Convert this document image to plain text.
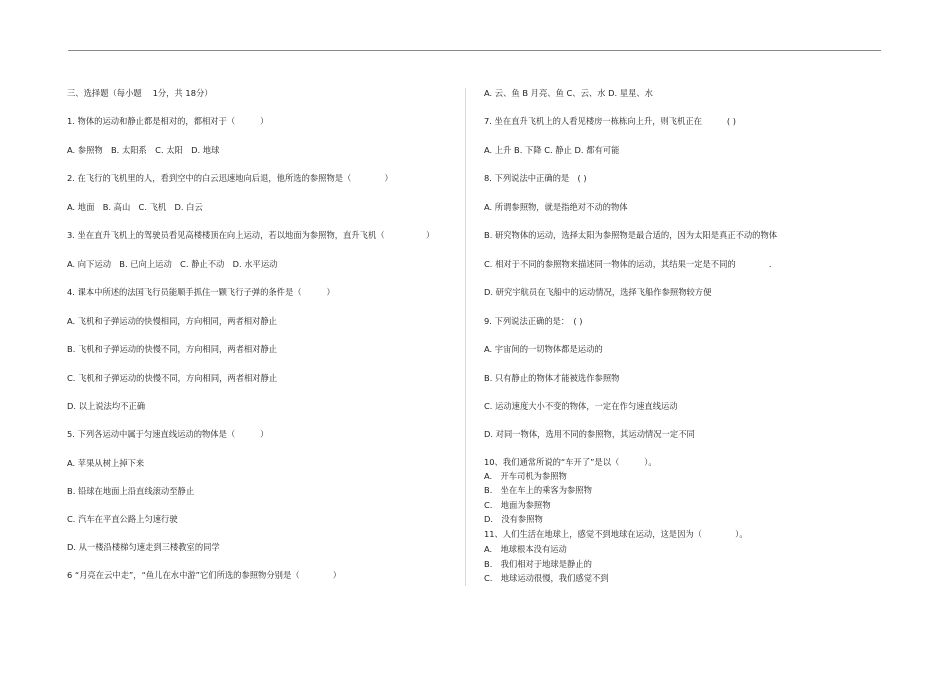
三、选择题（每小题　 1分，共 18分）
1. 物体的运动和静止都是相对的，都相对于（　　　）
A. 参照物　B. 太阳系　C. 太阳　D. 地球
2. 在飞行的飞机里的人，看到空中的白云迅速地向后退，他所选的参照物是（　　　　）
A. 地面　B. 高山　C. 飞机　D. 白云
3. 坐在直升飞机上的驾驶员看见高楼楼顶在向上运动，若以地面为参照物，直升飞机（　　　　　）
A. 向下运动　B. 已向上运动　C. 静止不动　D. 水平运动
4. 课本中所述的法国飞行员能顺手抓住一颗飞行子弹的条件是（　　　）
A. 飞机和子弹运动的快慢相同，方向相同，两者相对静止
B. 飞机和子弹运动的快慢不同，方向相同，两者相对静止
C. 飞机和子弹运动的快慢不同，方向相同，两者相对静止
D. 以上说法均不正确
5. 下列各运动中属于匀速直线运动的物体是（　　　）
A. 苹果从树上掉下来
B. 铅球在地面上沿直线滚动至静止
C. 汽车在平直公路上匀速行驶
D. 从一楼沿楼梯匀速走到三楼教室的同学
6 “月亮在云中走”，“鱼儿在水中游”它们所选的参照物分别是（　　　　）
A. 云、鱼 B 月亮、鱼 C、云、水 D. 星星、水
7. 坐在直升飞机上的人看见楼房一栋栋向上升，则飞机正在　　　( )
A. 上升 B. 下降 C. 静止 D. 都有可能
8. 下列说法中正确的是　( )
A. 所谓参照物，就是指绝对不动的物体
B. 研究物体的运动，选择太阳为参照物是最合适的，因为太阳是真正不动的物体
C. 相对于不同的参照物来描述同一物体的运动，其结果一定是不同的　　　　.
D. 研究宇航员在飞船中的运动情况，选择飞船作参照物较方便
9. 下列说法正确的是：　( )
A. 宇宙间的一切物体都是运动的
B. 只有静止的物体才能被选作参照物
C. 运动速度大小不变的物体，一定在作匀速直线运动
D. 对同一物体，选用不同的参照物，其运动情况一定不同
10、我们通常所说的“车开了”是以（　　　）。
A.　开车司机为参照物
B.　坐在车上的乘客为参照物
C.　地面为参照物
D.　没有参照物
11、人们生活在地球上，感觉不到地球在运动，这是因为（　　　　）。
A.　地球根本没有运动
B.　我们相对于地球是静止的
C.　地球运动很慢，我们感觉不到
